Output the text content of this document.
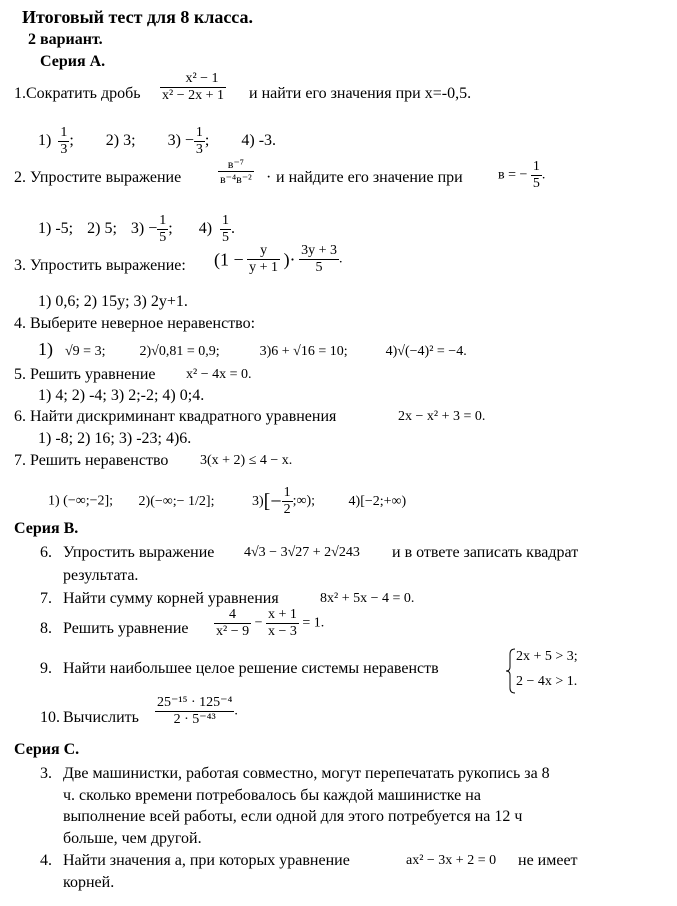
Итоговый тест для 8 класса.
2 вариант.
Серия А.
1.Сократить дробь $\frac{\text{x² − 1}}{\text{x² − 2x + 1}}$ и найти его значения при x=-0,5.
$1) \frac{1}{3}$ ; 2) 3; $3) - \frac{1}{3}$ ; 4) -3.
2. Упростите выражение	$\frac{\text{в⁻⁷}}{\text{в⁻⁴в⁻²}} \cdot и$ найдите его значение при	в = − $\frac{1}{5}$ .
1) -5; 2) 5; $3) - \frac{1}{5}$ ; $4) \frac{1}{5}$ .
3. Упростить выражение: ($1 - \frac{y}{y + 1}$ )· $\frac{3y + 3}{5}$ .
1) 0,6; 2) 15y; 3) 2y+1.
4. Выберите неверное неравенство:
1) √9 = 3; 2)√0,81 = 0,9;	3)6 + √16 = 10;	4)√(−4)² = −4.
5. Решить уравнение x² − 4x = 0.
1) 4; 2) -4; 3) 2;-2; 4) 0;4.
6. Найти дискриминант квадратного уравнения	2x − x² + 3 = 0.
1) -8; 2) 16; 3) -23; 4)6.
7. Решить неравенство 3(x + 2) ≤ 4 − x.
1) (−∞;−2]; 2)(−∞;− 1/2];	$3)[- \frac{1}{2}$ ;∞); 4)[−2;+∞)
Серия В.
6. Упростить выражение 4√3 − 3√27 + 2√243 и в ответе записать квадрат
результата.
7. Найти сумму корней уравнения	8x² + 5x − 4 = 0.
8. Решить уравнение $\frac{4}{\text{x² − 9}} - \frac{x + 1}{x - 3} = 1$.
9. Найти наибольшее целое решение системы неравенств
2x + 5 > 3;
2 − 4x > 1.
10. Вычислить $\frac{\text{25⁻¹⁵ · 125⁻⁴}}{\text{2 · 5⁻⁴³}}$ .
Серия С.
3. Две машинистки, работая совместно, могут перепечатать рукопись за 8
ч. сколько времени потребовалось бы каждой машинистке на
выполнение всей работы, если одной для этого потребуется на 12 ч
больше, чем другой.
4. Найти значения а, при которых уравнение	ax² − 3x + 2 = 0 не имеет
корней.
